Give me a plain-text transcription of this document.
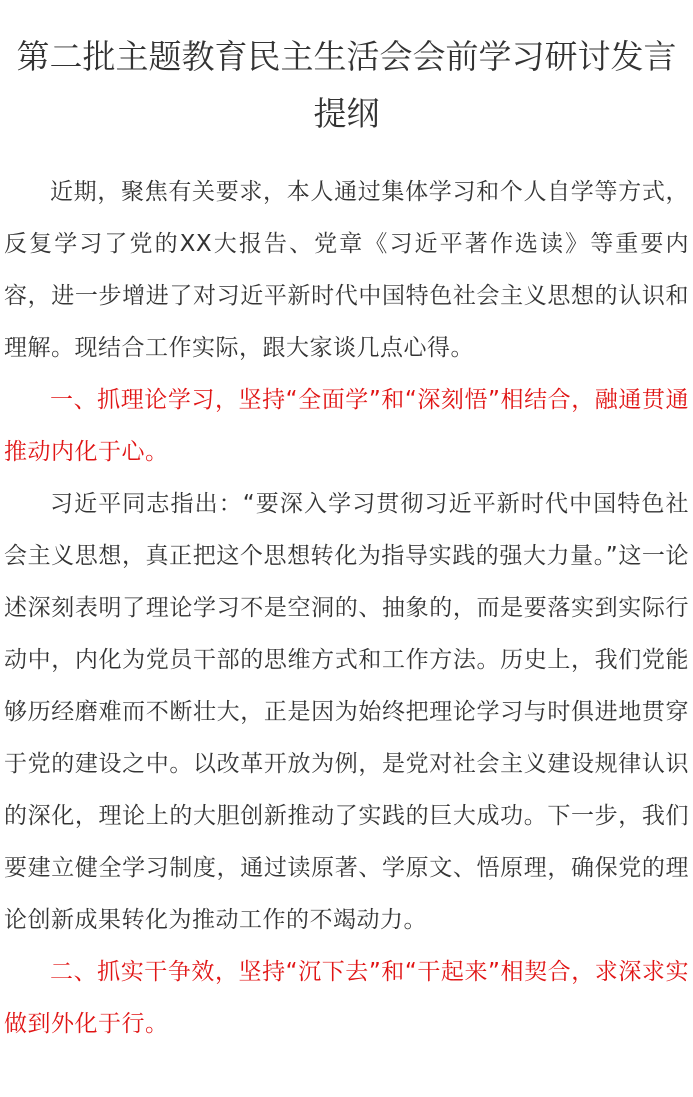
第二批主题教育民主生活会会前学习研讨发言提纲

近期，聚焦有关要求，本人通过集体学习和个人自学等方式，反复学习了党的XX大报告、党章《习近平著作选读》等重要内容，进一步增进了对习近平新时代中国特色社会主义思想的认识和理解。现结合工作实际，跟大家谈几点心得。

一、抓理论学习，坚持“全面学”和“深刻悟”相结合，融通贯通推动内化于心。

习近平同志指出：“要深入学习贯彻习近平新时代中国特色社会主义思想，真正把这个思想转化为指导实践的强大力量。”这一论述深刻表明了理论学习不是空洞的、抽象的，而是要落实到实际行动中，内化为党员干部的思维方式和工作方法。历史上，我们党能够历经磨难而不断壮大，正是因为始终把理论学习与时俱进地贯穿于党的建设之中。以改革开放为例，是党对社会主义建设规律认识的深化，理论上的大胆创新推动了实践的巨大成功。下一步，我们要建立健全学习制度，通过读原著、学原文、悟原理，确保党的理论创新成果转化为推动工作的不竭动力。

二、抓实干争效，坚持“沉下去”和“干起来”相契合，求深求实做到外化于行。
